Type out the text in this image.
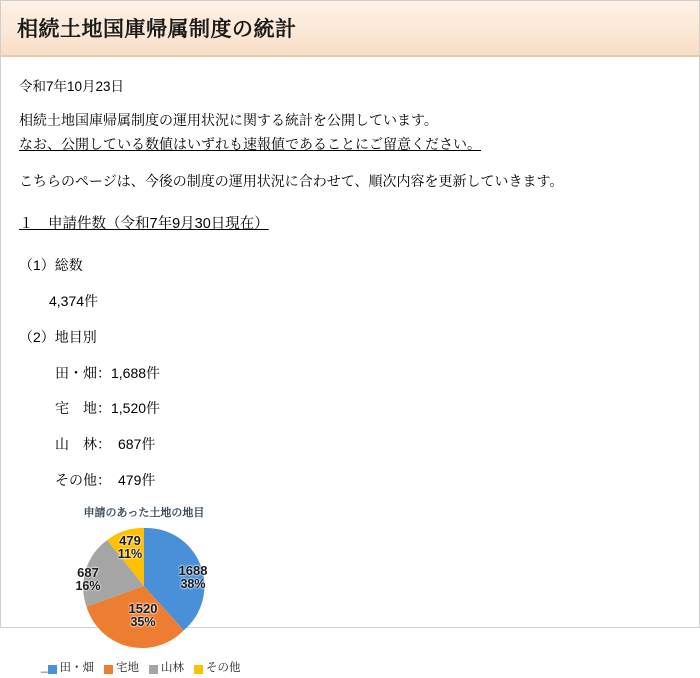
相続土地国庫帰属制度の統計
令和7年10月23日

相続土地国庫帰属制度の運用状況に関する統計を公開しています。

なお、公開している数値はいずれも速報値であることにご留意ください。

こちらのページは、今後の制度の運用状況に合わせて、順次内容を更新していきます。

１　申請件数（令和7年9月30日現在）

（1）総数

4,374件

（2）地目別

田・畑：1,688件

宅　地：1,520件

山　林：　687件

その他：　479件

申請のあった土地の地目
1688
38%
1520
35%
687
16%
479
11%
_ 田・畑 宅地 山林 その他
